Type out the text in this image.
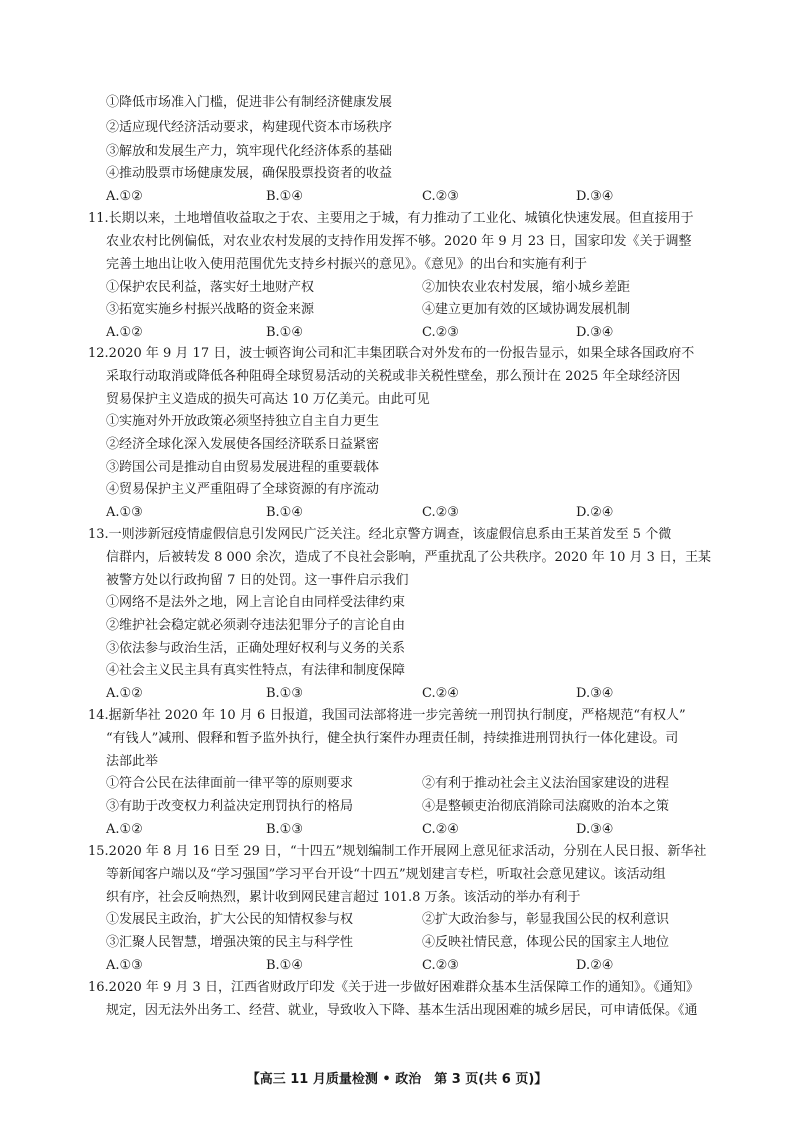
①降低市场准入门槛，促进非公有制经济健康发展
②适应现代经济活动要求，构建现代资本市场秩序
③解放和发展生产力，筑牢现代化经济体系的基础
④推动股票市场健康发展，确保股票投资者的收益
A.①②	B.①④	C.②③	D.③④
11.长期以来，土地增值收益取之于农、主要用之于城，有力推动了工业化、城镇化快速发展。但直接用于
农业农村比例偏低，对农业农村发展的支持作用发挥不够。2020 年 9 月 23 日，国家印发《关于调整
完善土地出让收入使用范围优先支持乡村振兴的意见》。《意见》的出台和实施有利于
①保护农民利益，落实好土地财产权	②加快农业农村发展，缩小城乡差距
③拓宽实施乡村振兴战略的资金来源	④建立更加有效的区域协调发展机制
A.①②	B.①④	C.②③	D.③④
12.2020 年 9 月 17 日，波士顿咨询公司和汇丰集团联合对外发布的一份报告显示，如果全球各国政府不
采取行动取消或降低各种阻碍全球贸易活动的关税或非关税性壁垒，那么预计在 2025 年全球经济因
贸易保护主义造成的损失可高达 10 万亿美元。由此可见
①实施对外开放政策必须坚持独立自主自力更生
②经济全球化深入发展使各国经济联系日益紧密
③跨国公司是推动自由贸易发展进程的重要载体
④贸易保护主义严重阻碍了全球资源的有序流动
A.①③	B.①④	C.②③	D.②④
13.一则涉新冠疫情虚假信息引发网民广泛关注。经北京警方调查，该虚假信息系由王某首发至 5 个微
信群内，后被转发 8 000 余次，造成了不良社会影响，严重扰乱了公共秩序。2020 年 10 月 3 日，王某
被警方处以行政拘留 7 日的处罚。这一事件启示我们
①网络不是法外之地，网上言论自由同样受法律约束
②维护社会稳定就必须剥夺违法犯罪分子的言论自由
③依法参与政治生活，正确处理好权利与义务的关系
④社会主义民主具有真实性特点，有法律和制度保障
A.①②	B.①③	C.②④	D.③④
14.据新华社 2020 年 10 月 6 日报道，我国司法部将进一步完善统一刑罚执行制度，严格规范“有权人”
“有钱人”减刑、假释和暂予监外执行，健全执行案件办理责任制，持续推进刑罚执行一体化建设。司
法部此举
①符合公民在法律面前一律平等的原则要求	②有利于推动社会主义法治国家建设的进程
③有助于改变权力利益决定刑罚执行的格局	④是整顿吏治彻底消除司法腐败的治本之策
A.①②	B.①③	C.②④	D.③④
15.2020 年 8 月 16 日至 29 日，“十四五”规划编制工作开展网上意见征求活动，分别在人民日报、新华社
等新闻客户端以及“学习强国”学习平台开设“十四五”规划建言专栏，听取社会意见建议。该活动组
织有序，社会反响热烈，累计收到网民建言超过 101.8 万条。该活动的举办有利于
①发展民主政治，扩大公民的知情权参与权	②扩大政治参与，彰显我国公民的权利意识
③汇聚人民智慧，增强决策的民主与科学性	④反映社情民意，体现公民的国家主人地位
A.①③	B.①④	C.②③	D.②④
16.2020 年 9 月 3 日，江西省财政厅印发《关于进一步做好困难群众基本生活保障工作的通知》。《通知》
规定，因无法外出务工、经营、就业，导致收入下降、基本生活出现困难的城乡居民，可申请低保。《通
【高三 11 月质量检测 • 政治　第 3 页(共 6 页)】
